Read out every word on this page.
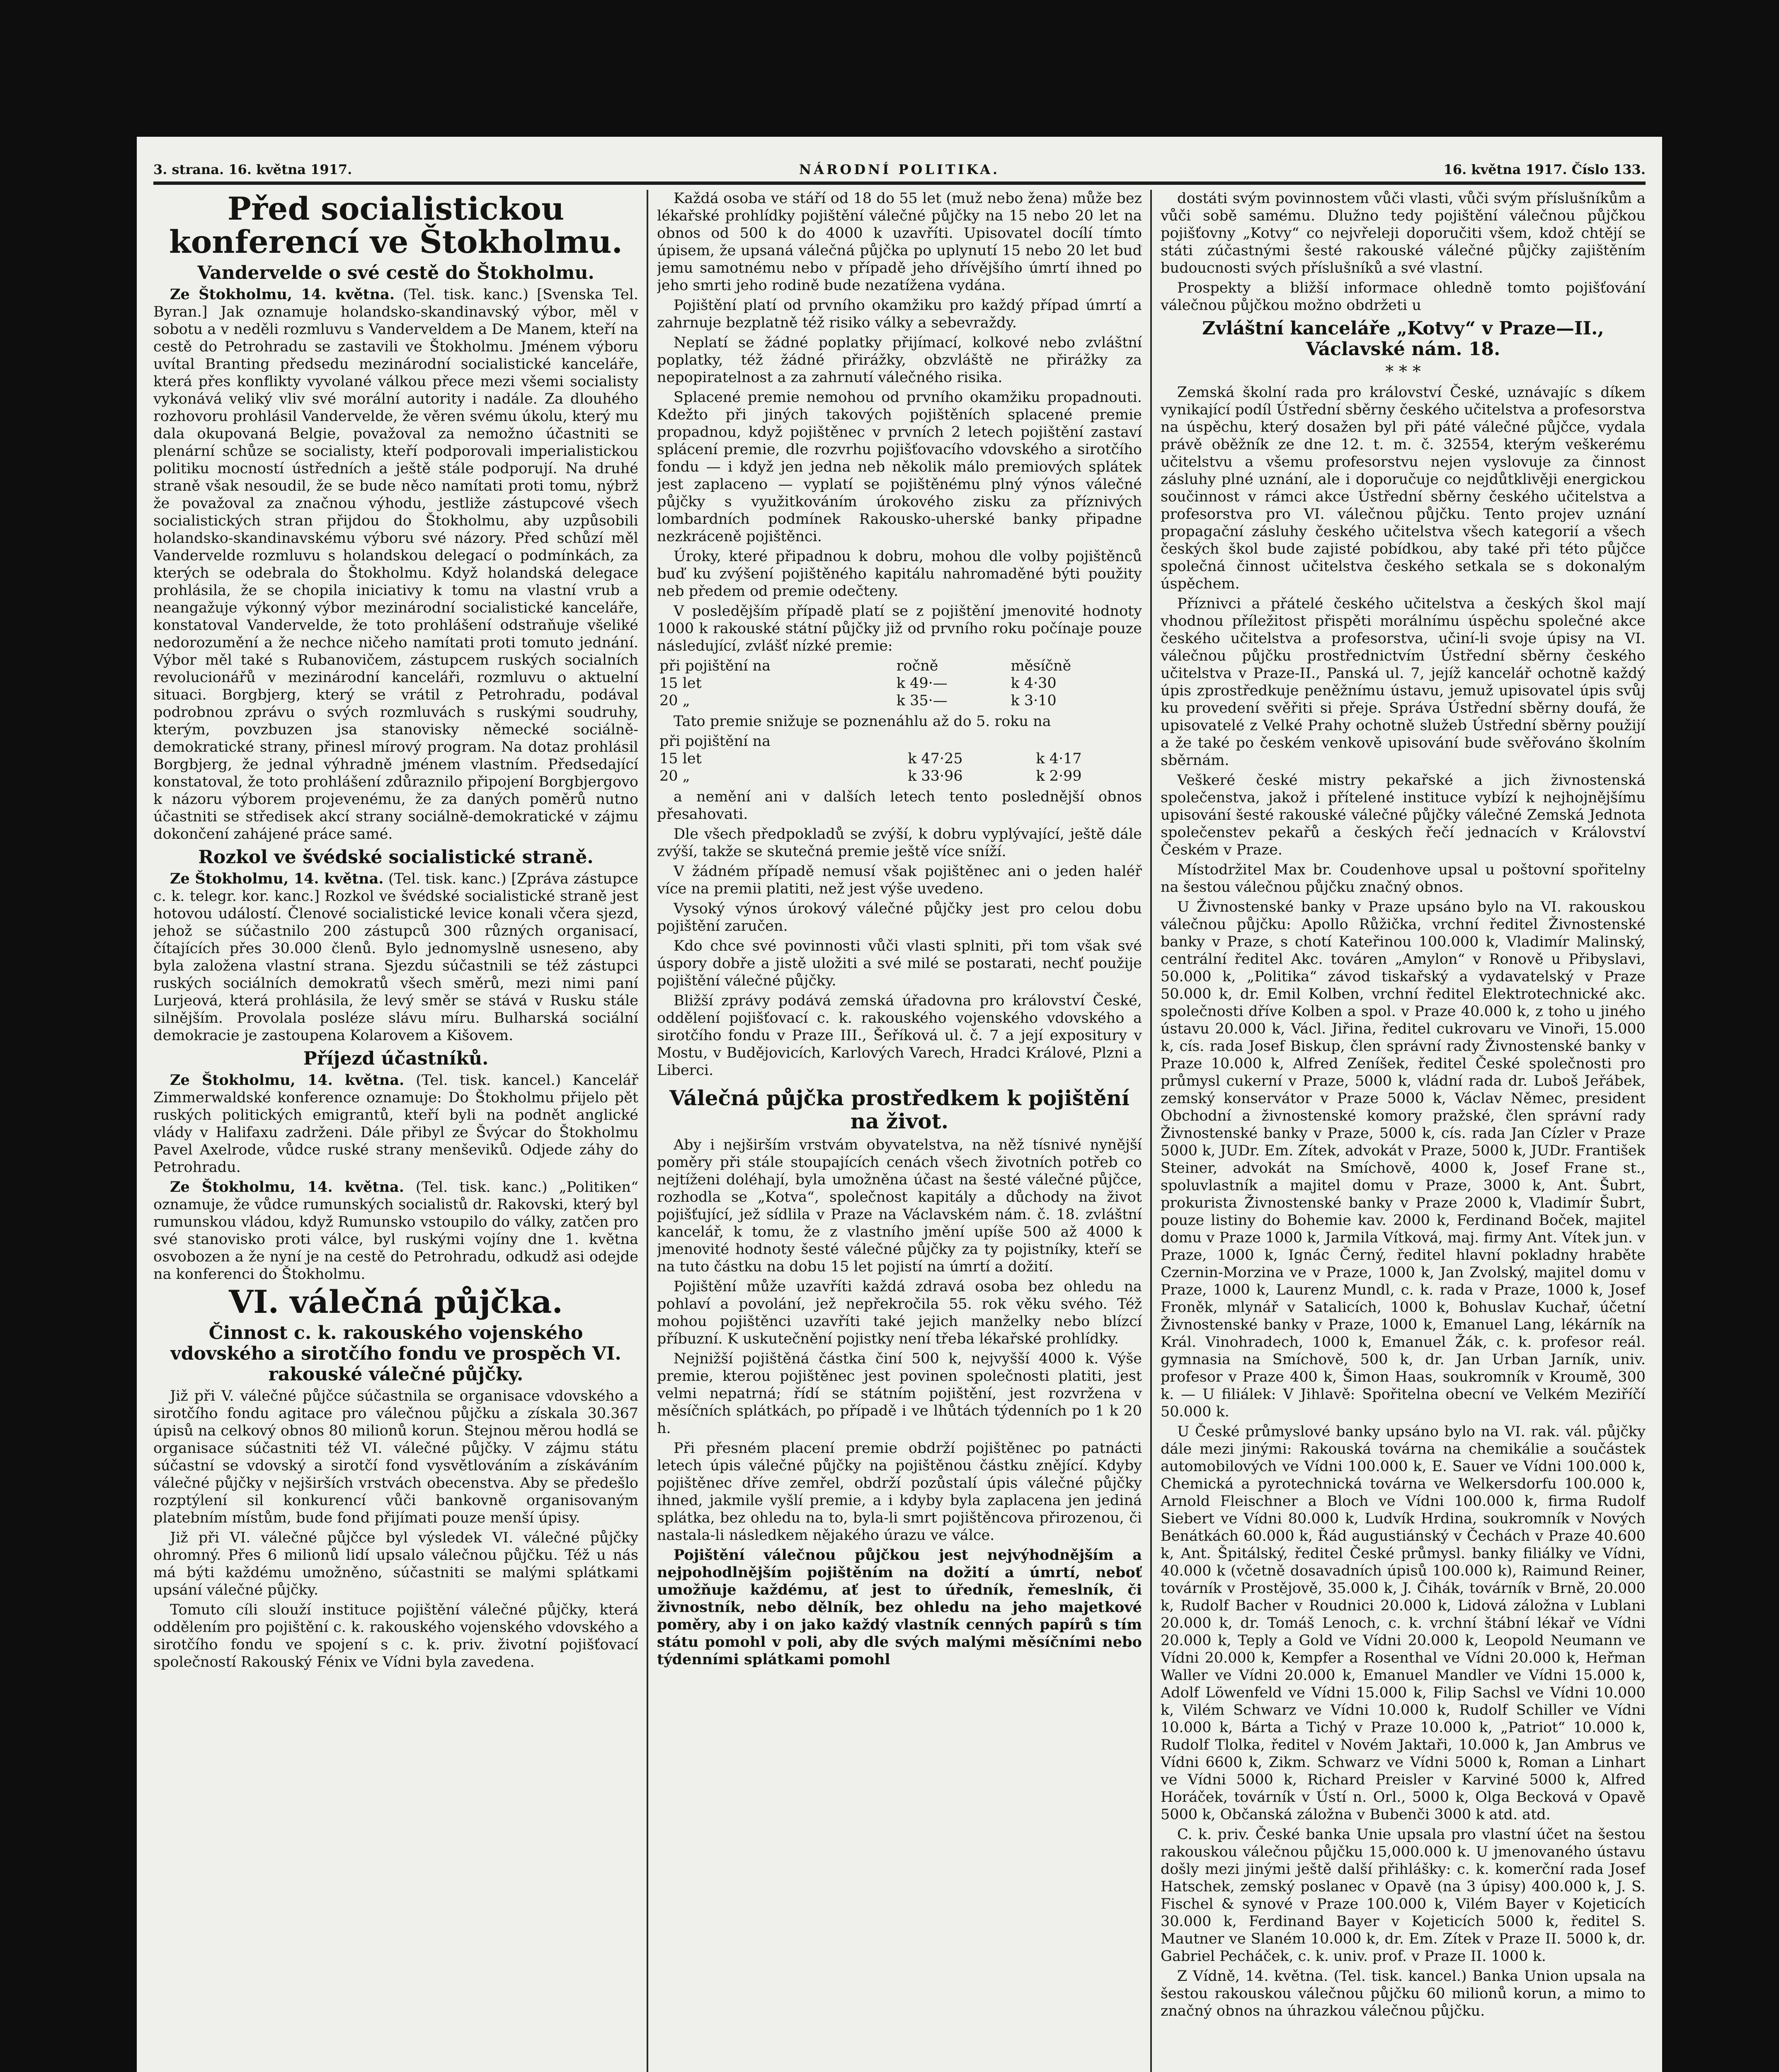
3. strana. 16. května 1917.	NÁRODNÍ POLITIKA.	16. května 1917. Číslo 133.
Před socialistickou konferencí ve Štokholmu.
Vandervelde o své cestě do Štokholmu.

Ze Štokholmu, 14. května. (Tel. tisk. kanc.) [Svenska Tel. Byran.] Jak oznamuje holandsko-skandinavský výbor, měl v sobotu a v neděli rozmluvu s Vanderveldem a De Manem, kteří na cestě do Petrohradu se zastavili ve Štokholmu. Jménem výboru uvítal Branting předsedu mezinárodní socialistické kanceláře, která přes konflikty vyvolané válkou přece mezi všemi socialisty vykonává veliký vliv své morální autority i nadále. Za dlouhého rozhovoru prohlásil Vandervelde, že věren svému úkolu, který mu dala okupovaná Belgie, považoval za nemožno účastniti se plenární schůze se socialisty, kteří podporovali imperialistickou politiku mocností ústředních a ještě stále podporují. Na druhé straně však nesoudil, že se bude něco namítati proti tomu, nýbrž že považoval za značnou výhodu, jestliže zástupcové všech socialistických stran přijdou do Štokholmu, aby uzpůsobili holandsko-skandinavskému výboru své názory. Před schůzí měl Vandervelde rozmluvu s holandskou delegací o podmínkách, za kterých se odebrala do Štokholmu. Když holandská delegace prohlásila, že se chopila iniciativy k tomu na vlastní vrub a neangažuje výkonný výbor mezinárodní socialistické kanceláře, konstatoval Vandervelde, že toto prohlášení odstraňuje všeliké nedorozumění a že nechce ničeho namítati proti tomuto jednání. Výbor měl také s Rubanovičem, zástupcem ruských socialních revolucionářů v mezinárodní kanceláři, rozmluvu o aktuelní situaci. Borgbjerg, který se vrátil z Petrohradu, podával podrobnou zprávu o svých rozmluvách s ruskými soudruhy, kterým, povzbuzen jsa stanovisky německé sociálně-demokratické strany, přinesl mírový program. Na dotaz prohlásil Borgbjerg, že jednal výhradně jménem vlastním. Předsedající konstatoval, že toto prohlášení zdůraznilo připojení Borgbjergovo k názoru výborem projevenému, že za daných poměrů nutno účastniti se středisek akcí strany sociálně-demokratické v zájmu dokončení zahájené práce samé.

Rozkol ve švédské socialistické straně.

Ze Štokholmu, 14. května. (Tel. tisk. kanc.) [Zpráva zástupce c. k. telegr. kor. kanc.] Rozkol ve švédské socialistické straně jest hotovou událostí. Členové socialistické levice konali včera sjezd, jehož se súčastnilo 200 zástupců 300 různých organisací, čítajících přes 30.000 členů. Bylo jednomyslně usneseno, aby byla založena vlastní strana. Sjezdu súčastnili se též zástupci ruských sociálních demokratů všech směrů, mezi nimi paní Lurjeová, která prohlásila, že levý směr se stává v Rusku stále silnějším. Provolala posléze slávu míru. Bulharská sociální demokracie je zastoupena Kolarovem a Kišovem.

Příjezd účastníků.

Ze Štokholmu, 14. května. (Tel. tisk. kancel.) Kancelář Zimmerwaldské konference oznamuje: Do Štokholmu přijelo pět ruských politických emigrantů, kteří byli na podnět anglické vlády v Halifaxu zadrženi. Dále přibyl ze Švýcar do Štokholmu Pavel Axelrode, vůdce ruské strany menševiků. Odjede záhy do Petrohradu.

Ze Štokholmu, 14. května. (Tel. tisk. kanc.) „Politiken“ oznamuje, že vůdce rumunských socialistů dr. Rakovski, který byl rumunskou vládou, když Rumunsko vstoupilo do války, zatčen pro své stanovisko proti válce, byl ruskými vojíny dne 1. května osvobozen a že nyní je na cestě do Petrohradu, odkudž asi odejde na konferenci do Štokholmu.

VI. válečná půjčka.
Činnost c. k. rakouského vojenského vdovského a sirotčího fondu ve prospěch VI. rakouské válečné půjčky.

Již při V. válečné půjčce súčastnila se organisace vdovského a sirotčího fondu agitace pro válečnou půjčku a získala 30.367 úpisů na celkový obnos 80 milionů korun. Stejnou měrou hodlá se organisace súčastniti též VI. válečné půjčky. V zájmu státu súčastní se vdovský a sirotčí fond vysvětlováním a získáváním válečné půjčky v nejširších vrstvách obecenstva. Aby se předešlo rozptýlení sil konkurencí vůči bankovně organisovaným platebním místům, bude fond přijímati pouze menší úpisy.

Již při VI. válečné půjčce byl výsledek VI. válečné půjčky ohromný. Přes 6 milionů lidí upsalo válečnou půjčku. Též u nás má býti každému umožněno, súčastniti se malými splátkami upsání válečné půjčky.

Tomuto cíli slouží instituce pojištění válečné půjčky, která oddělením pro pojištění c. k. rakouského vojenského vdovského a sirotčího fondu ve spojení s c. k. priv. životní pojišťovací společností Rakouský Fénix ve Vídni byla zavedena.

Každá osoba ve stáří od 18 do 55 let (muž nebo žena) může bez lékařské prohlídky pojištění válečné půjčky na 15 nebo 20 let na obnos od 500 k do 4000 k uzavříti. Upisovatel docílí tímto úpisem, že upsaná válečná půjčka po uplynutí 15 nebo 20 let buď jemu samotnému nebo v případě jeho dřívějšího úmrtí ihned po jeho smrti jeho rodině bude nezatížena vydána.

Pojištění platí od prvního okamžiku pro každý případ úmrtí a zahrnuje bezplatně též risiko války a sebevraždy.

Neplatí se žádné poplatky přijímací, kolkové nebo zvláštní poplatky, též žádné přirážky, obzvláště ne přirážky za nepopiratelnost a za zahrnutí válečného risika.

Splacené premie nemohou od prvního okamžiku propadnouti. Kdežto při jiných takových pojištěních splacené premie propadnou, když pojištěnec v prvních 2 letech pojištění zastaví splácení premie, dle rozvrhu pojišťovacího vdovského a sirotčího fondu — i když jen jedna neb několik málo premiových splátek jest zaplaceno — vyplatí se pojištěnému plný výnos válečné půjčky s využitkováním úrokového zisku za příznivých lombardních podmínek Rakousko-uherské banky připadne nezkráceně pojištěnci.

Úroky, které připadnou k dobru, mohou dle volby pojištěnců buď ku zvýšení pojištěného kapitálu nahromaděné býti použity neb předem od premie odečteny.

V posledějším případě platí se z pojištění jmenovité hodnoty 1000 k rakouské státní půjčky již od prvního roku počínaje pouze následující, zvlášť nízké premie:

při pojištění na	ročně	měsíčně
15 let	k 49·—	k 4·30
20 „	k 35·—	k 3·10

Tato premie snižuje se poznenáhlu až do 5. roku na

při pojištění na		
15 let	k 47·25	k 4·17
20 „	k 33·96	k 2·99

a nemění ani v dalších letech tento poslednější obnos přesahovati.

Dle všech předpokladů se zvýší, k dobru vyplývající, ještě dále zvýší, takže se skutečná premie ještě více sníží.

V žádném případě nemusí však pojištěnec ani o jeden haléř více na premii platiti, než jest výše uvedeno.

Vysoký výnos úrokový válečné půjčky jest pro celou dobu pojištění zaručen.

Kdo chce své povinnosti vůči vlasti splniti, při tom však své úspory dobře a jistě uložiti a své milé se postarati, nechť použije pojištění válečné půjčky.

Bližší zprávy podává zemská úřadovna pro království České, oddělení pojišťovací c. k. rakouského vojenského vdovského a sirotčího fondu v Praze III., Šeříková ul. č. 7 a její expositury v Mostu, v Budějovicích, Karlových Varech, Hradci Králové, Plzni a Liberci.

Válečná půjčka prostředkem k pojištění na život.

Aby i nejširším vrstvám obyvatelstva, na něž tísnivé nynější poměry při stále stoupajících cenách všech životních potřeb co nejtíženi doléhají, byla umožněna účast na šesté válečné půjčce, rozhodla se „Kotva“, společnost kapitály a důchody na život pojišťující, jež sídlila v Praze na Václavském nám. č. 18. zvláštní kancelář, k tomu, že z vlastního jmění upíše 500 až 4000 k jmenovité hodnoty šesté válečné půjčky za ty pojistníky, kteří se na tuto částku na dobu 15 let pojistí na úmrtí a dožití.

Pojištění může uzavříti každá zdravá osoba bez ohledu na pohlaví a povolání, jež nepřekročila 55. rok věku svého. Též mohou pojištěnci uzavříti také jejich manželky nebo blízcí příbuzní. K uskutečnění pojistky není třeba lékařské prohlídky.

Nejnižší pojištěná částka činí 500 k, nejvyšší 4000 k. Výše premie, kterou pojištěnec jest povinen společnosti platiti, jest velmi nepatrná; řídí se státním pojištění, jest rozvržena v měsíčních splátkách, po případě i ve lhůtách týdenních po 1 k 20 h.

Při přesném placení premie obdrží pojištěnec po patnácti letech úpis válečné půjčky na pojištěnou částku znějící. Kdyby pojištěnec dříve zemřel, obdrží pozůstalí úpis válečné půjčky ihned, jakmile vyšlí premie, a i kdyby byla zaplacena jen jediná splátka, bez ohledu na to, byla-li smrt pojištěncova přirozenou, či nastala-li následkem nějakého úrazu ve válce.

Pojištění válečnou půjčkou jest nejvýhodnějším a nejpohodlnějším pojištěním na dožití a úmrtí, neboť umožňuje každému, ať jest to úředník, řemeslník, či živnostník, nebo dělník, bez ohledu na jeho majetkové poměry, aby i on jako každý vlastník cenných papírů s tím státu pomohl v poli, aby dle svých malými měsíčními nebo týdenními splátkami pomohl

dostáti svým povinnostem vůči vlasti, vůči svým příslušníkům a vůči sobě samému. Dlužno tedy pojištění válečnou půjčkou pojišťovny „Kotvy“ co nejvřeleji doporučiti všem, kdož chtějí se státi zúčastnými šesté rakouské válečné půjčky zajištěním budoucnosti svých příslušníků a své vlastní.

Prospekty a bližší informace ohledně tomto pojišťování válečnou půjčkou možno obdržeti u

Zvláštní kanceláře „Kotvy“ v Praze—II., Václavské nám. 18.
* * *

Zemská školní rada pro království České, uznávajíc s díkem vynikající podíl Ústřední sběrny českého učitelstva a profesorstva na úspěchu, který dosažen byl při páté válečné půjčce, vydala právě oběžník ze dne 12. t. m. č. 32554, kterým veškerému učitelstvu a všemu profesorstvu nejen vyslovuje za činnost zásluhy plné uznání, ale i doporučuje co nejdůtklivěji energickou součinnost v rámci akce Ústřední sběrny českého učitelstva a profesorstva pro VI. válečnou půjčku. Tento projev uznání propagační zásluhy českého učitelstva všech kategorií a všech českých škol bude zajisté pobídkou, aby také při této půjčce společná činnost učitelstva českého setkala se s dokonalým úspěchem.

Příznivci a přátelé českého učitelstva a českých škol mají vhodnou příležitost přispěti morálnímu úspěchu společné akce českého učitelstva a profesorstva, učiní-li svoje úpisy na VI. válečnou půjčku prostřednictvím Ústřední sběrny českého učitelstva v Praze-II., Panská ul. 7, jejíž kancelář ochotně každý úpis zprostředkuje peněžnímu ústavu, jemuž upisovatel úpis svůj ku provedení svěřiti si přeje. Správa Ústřední sběrny doufá, že upisovatelé z Velké Prahy ochotně služeb Ústřední sběrny použijí a že také po českém venkově upisování bude svěřováno školním sběrnám.

Veškeré české mistry pekařské a jich živnostenská společenstva, jakož i přítelené instituce vybízí k nejhojnějšímu upisování šesté rakouské válečné půjčky válečné Zemská Jednota společenstev pekařů a českých řečí jednacích v Království Českém v Praze.

Místodržitel Max br. Coudenhove upsal u poštovní spořitelny na šestou válečnou půjčku značný obnos.

U Živnostenské banky v Praze upsáno bylo na VI. rakouskou válečnou půjčku: Apollo Růžička, vrchní ředitel Živnostenské banky v Praze, s chotí Kateřinou 100.000 k, Vladimír Malinský, centrální ředitel Akc. továren „Amylon“ v Ronově u Přibyslavi, 50.000 k, „Politika“ závod tiskařský a vydavatelský v Praze 50.000 k, dr. Emil Kolben, vrchní ředitel Elektrotechnické akc. společnosti dříve Kolben a spol. v Praze 40.000 k, z toho u jiného ústavu 20.000 k, Václ. Jiřina, ředitel cukrovaru ve Vinoři, 15.000 k, cís. rada Josef Biskup, člen správní rady Živnostenské banky v Praze 10.000 k, Alfred Zeníšek, ředitel České společnosti pro průmysl cukerní v Praze, 5000 k, vládní rada dr. Luboš Jeřábek, zemský konservátor v Praze 5000 k, Václav Němec, president Obchodní a živnostenské komory pražské, člen správní rady Živnostenské banky v Praze, 5000 k, cís. rada Jan Cízler v Praze 5000 k, JUDr. Em. Zítek, advokát v Praze, 5000 k, JUDr. František Steiner, advokát na Smíchově, 4000 k, Josef Frane st., spoluvlastník a majitel domu v Praze, 3000 k, Ant. Šubrt, prokurista Živnostenské banky v Praze 2000 k, Vladimír Šubrt, pouze listiny do Bohemie kav. 2000 k, Ferdinand Boček, majitel domu v Praze 1000 k, Jarmila Vítková, maj. firmy Ant. Vítek jun. v Praze, 1000 k, Ignác Černý, ředitel hlavní pokladny hraběte Czernin-Morzina ve v Praze, 1000 k, Jan Zvolský, majitel domu v Praze, 1000 k, Laurenz Mundl, c. k. rada v Praze, 1000 k, Josef Froněk, mlynář v Satalicích, 1000 k, Bohuslav Kuchař, účetní Živnostenské banky v Praze, 1000 k, Emanuel Lang, lékárník na Král. Vinohradech, 1000 k, Emanuel Žák, c. k. profesor reál. gymnasia na Smíchově, 500 k, dr. Jan Urban Jarník, univ. profesor v Praze 400 k, Šimon Haas, soukromník v Kroumě, 300 k. — U filiálek: V Jihlavě: Spořitelna obecní ve Velkém Meziříčí 50.000 k.

U České průmyslové banky upsáno bylo na VI. rak. vál. půjčky dále mezi jinými: Rakouská továrna na chemikálie a součástek automobilových ve Vídni 100.000 k, E. Sauer ve Vídni 100.000 k, Chemická a pyrotechnická továrna ve Welkersdorfu 100.000 k, Arnold Fleischner a Bloch ve Vídni 100.000 k, firma Rudolf Siebert ve Vídni 80.000 k, Ludvík Hrdina, soukromník v Nových Benátkách 60.000 k, Řád augustiánský v Čechách v Praze 40.600 k, Ant. Špitálský, ředitel České průmysl. banky filiálky ve Vídni, 40.000 k (včetně dosavadních úpisů 100.000 k), Raimund Reiner, továrník v Prostějově, 35.000 k, J. Čihák, továrník v Brně, 20.000 k, Rudolf Bacher v Roudnici 20.000 k, Lidová záložna v Lublani 20.000 k, dr. Tomáš Lenoch, c. k. vrchní štábní lékař ve Vídni 20.000 k, Teply a Gold ve Vídni 20.000 k, Leopold Neumann ve Vídni 20.000 k, Kempfer a Rosenthal ve Vídni 20.000 k, Heřman Waller ve Vídni 20.000 k, Emanuel Mandler ve Vídni 15.000 k, Adolf Löwenfeld ve Vídni 15.000 k, Filip Sachsl ve Vídni 10.000 k, Vilém Schwarz ve Vídni 10.000 k, Rudolf Schiller ve Vídni 10.000 k, Bárta a Tichý v Praze 10.000 k, „Patriot“ 10.000 k, Rudolf Tlolka, ředitel v Novém Jaktaři, 10.000 k, Jan Ambrus ve Vídni 6600 k, Zikm. Schwarz ve Vídni 5000 k, Roman a Linhart ve Vídni 5000 k, Richard Preisler v Karviné 5000 k, Alfred Horáček, továrník v Ústí n. Orl., 5000 k, Olga Becková v Opavě 5000 k, Občanská záložna v Bubenči 3000 k atd. atd.

C. k. priv. České banka Unie upsala pro vlastní účet na šestou rakouskou válečnou půjčku 15,000.000 k. U jmenovaného ústavu došly mezi jinými ještě další přihlášky: c. k. komerční rada Josef Hatschek, zemský poslanec v Opavě (na 3 úpisy) 400.000 k, J. S. Fischel & synové v Praze 100.000 k, Vilém Bayer v Kojeticích 30.000 k, Ferdinand Bayer v Kojeticích 5000 k, ředitel S. Mautner ve Slaném 10.000 k, dr. Em. Zítek v Praze II. 5000 k, dr. Gabriel Pecháček, c. k. univ. prof. v Praze II. 1000 k.

Z Vídně, 14. května. (Tel. tisk. kancel.) Banka Union upsala na šestou rakouskou válečnou půjčku 60 milionů korun, a mimo to značný obnos na úhrazkou válečnou půjčku.
